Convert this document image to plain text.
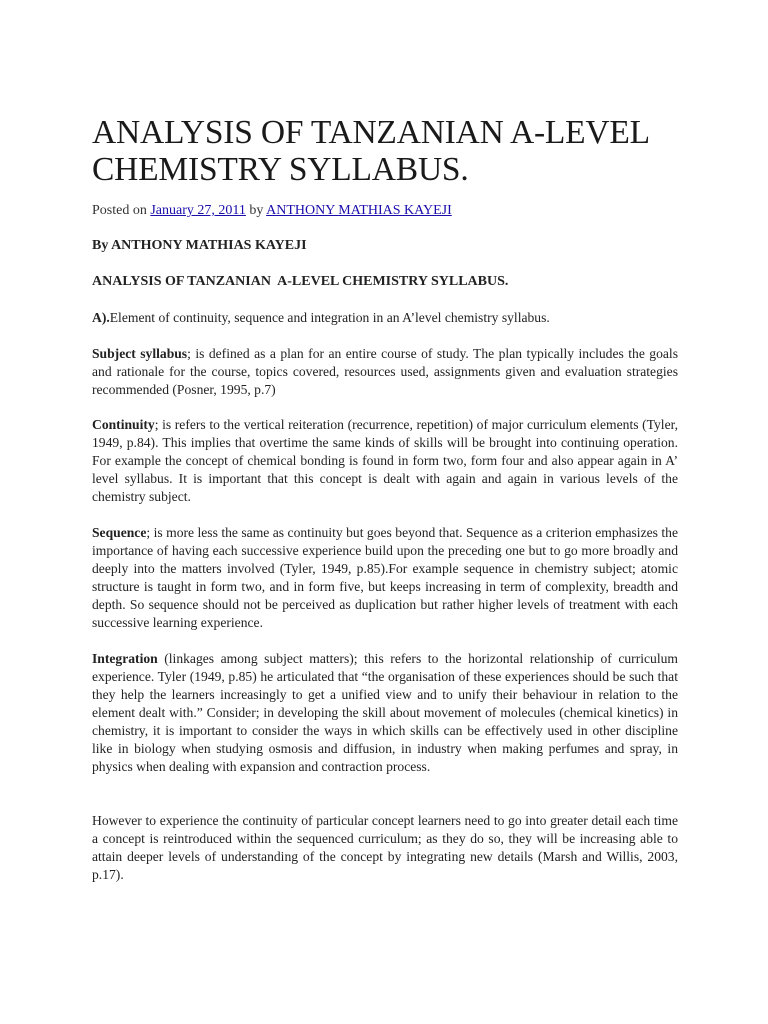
ANALYSIS OF TANZANIAN A-LEVEL CHEMISTRY SYLLABUS.
Posted on January 27, 2011 by ANTHONY MATHIAS KAYEJI
By ANTHONY MATHIAS KAYEJI
ANALYSIS OF TANZANIAN  A-LEVEL CHEMISTRY SYLLABUS.

A).Element of continuity, sequence and integration in an A’level chemistry syllabus.

Subject syllabus; is defined as a plan for an entire course of study. The plan typically includes the goals and rationale for the course, topics covered, resources used, assignments given and evaluation strategies recommended (Posner, 1995, p.7)

Continuity; is refers to the vertical reiteration (recurrence, repetition) of major curriculum elements (Tyler, 1949, p.84). This implies that overtime the same kinds of skills will be brought into continuing operation. For example the concept of chemical bonding is found in form two, form four and also appear again in A’ level syllabus. It is important that this concept is dealt with again and again in various levels of the chemistry subject.

Sequence; is more less the same as continuity but goes beyond that. Sequence as a criterion emphasizes the importance of having each successive experience build upon the preceding one but to go more broadly and deeply into the matters involved (Tyler, 1949, p.85).For example sequence in chemistry subject; atomic structure is taught in form two, and in form five, but keeps increasing in term of complexity, breadth and depth. So sequence should not be perceived as duplication but rather higher levels of treatment with each successive learning experience.

Integration (linkages among subject matters); this refers to the horizontal relationship of curriculum experience. Tyler (1949, p.85) he articulated that “the organisation of these experiences should be such that they help the learners increasingly to get a unified view and to unify their behaviour in relation to the element dealt with.” Consider; in developing the skill about movement of molecules (chemical kinetics) in chemistry, it is important to consider the ways in which skills can be effectively used in other discipline like in biology when studying osmosis and diffusion, in industry when making perfumes and spray, in physics when dealing with expansion and contraction process.

However to experience the continuity of particular concept learners need to go into greater detail each time a concept is reintroduced within the sequenced curriculum; as they do so, they will be increasing able to attain deeper levels of understanding of the concept by integrating new details (Marsh and Willis, 2003, p.17).
